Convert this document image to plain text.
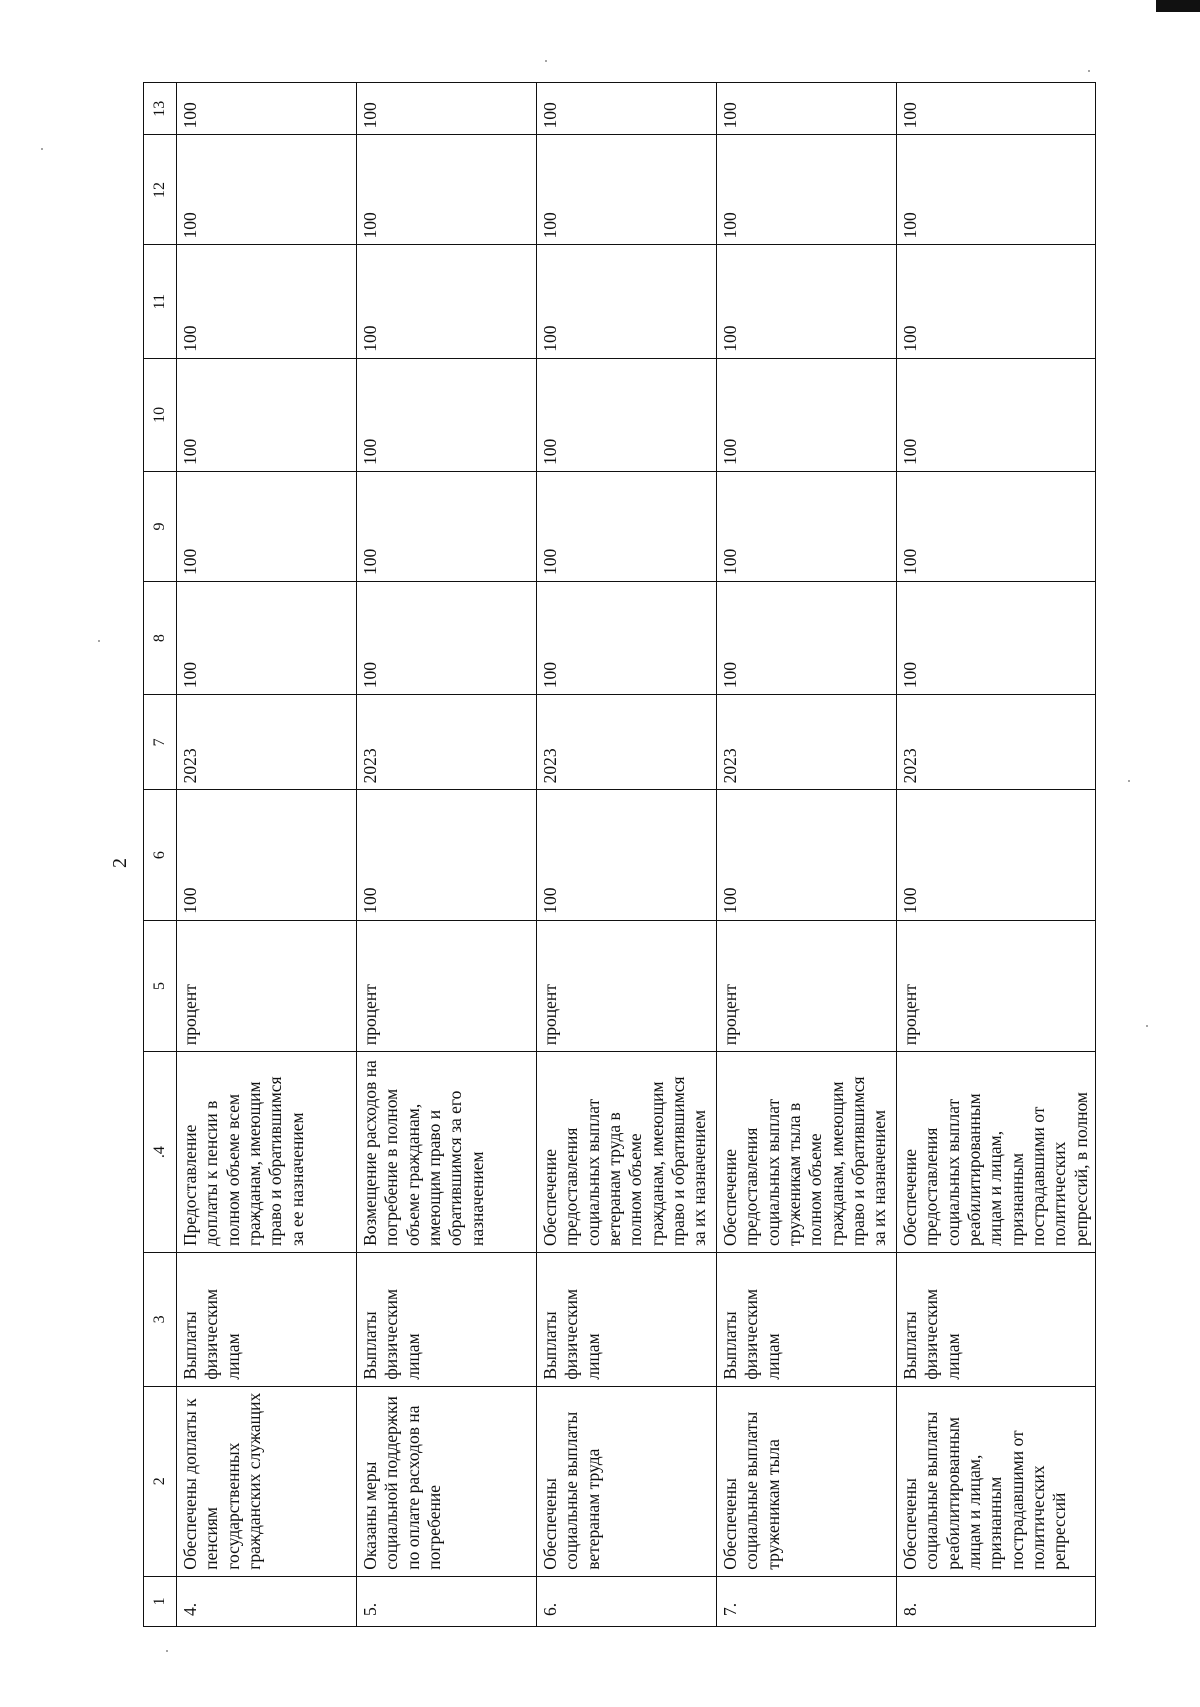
2
1	2	3	.4	5	6	7	8	9	10	11	12	13
4.	Обеспечены доплаты к пенсиям государственных гражданских служащих	Выплаты физическим лицам	Предоставление доплаты к пенсии в полном объеме всем гражданам, имеющим право и обратившимся за ее назначением	процент	100	2023	100	100	100	100	100	100
5.	Оказаны меры социальной поддержки по оплате расходов на погребение	Выплаты физическим лицам	Возмещение расходов на погребение в полном объеме гражданам, имеющим право и обратившимся за его назначением	процент	100	2023	100	100	100	100	100	100
6.	Обеспечены социальные выплаты ветеранам труда	Выплаты физическим лицам	Обеспечение предоставления социальных выплат ветеранам труда в полном объеме гражданам, имеющим право и обратившимся за их назначением	процент	100	2023	100	100	100	100	100	100
7.	Обеспечены социальные выплаты труженикам тыла	Выплаты физическим лицам	Обеспечение предоставления социальных выплат труженикам тыла в полном объеме гражданам, имеющим право и обратившимся за их назначением	процент	100	2023	100	100	100	100	100	100
8.	Обеспечены социальные выплаты реабилитированным лицам и лицам, признанным пострадавшими от политических репрессий	Выплаты физическим лицам	Обеспечение предоставления социальных выплат реабилитированным лицам и лицам, признанным пострадавшими от политических репрессий, в полном	процент	100	2023	100	100	100	100	100	100
